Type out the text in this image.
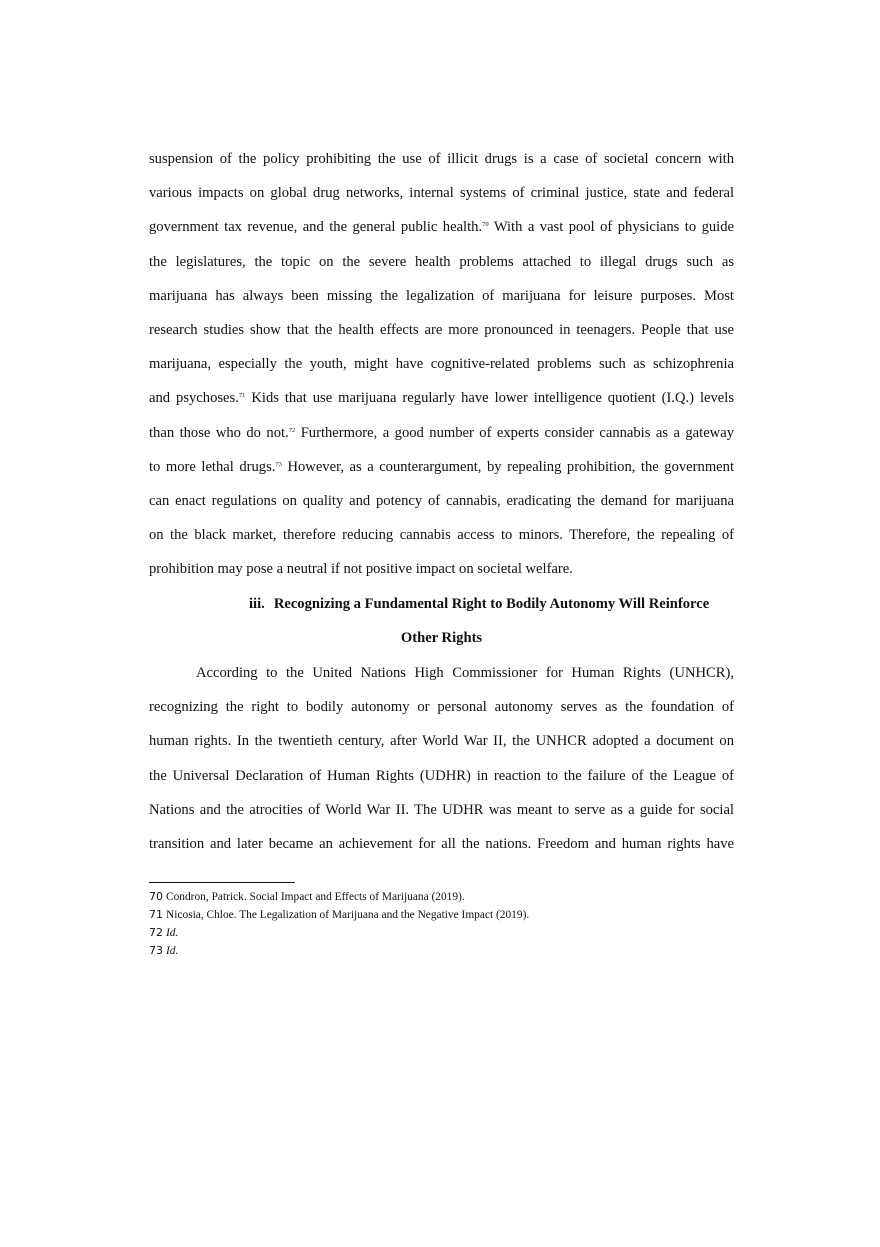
suspension of the policy prohibiting the use of illicit drugs is a case of societal concern with
various impacts on global drug networks, internal systems of criminal justice, state and federal
government tax revenue, and the general public health.$^{70}$ With a vast pool of physicians to guide
the legislatures, the topic on the severe health problems attached to illegal drugs such as
marijuana has always been missing the legalization of marijuana for leisure purposes. Most
research studies show that the health effects are more pronounced in teenagers. People that use
marijuana, especially the youth, might have cognitive-related problems such as schizophrenia
and psychoses.$^{71}$ Kids that use marijuana regularly have lower intelligence quotient (I.Q.) levels
than those who do not.$^{72}$ Furthermore, a good number of experts consider cannabis as a gateway
to more lethal drugs.$^{73}$ However, as a counterargument, by repealing prohibition, the government
can enact regulations on quality and potency of cannabis, eradicating the demand for marijuana
on the black market, therefore reducing cannabis access to minors. Therefore, the repealing of
prohibition may pose a neutral if not positive impact on societal welfare.
iii. Recognizing a Fundamental Right to Bodily Autonomy Will Reinforce
Other Rights
According to the United Nations High Commissioner for Human Rights (UNHCR),
recognizing the right to bodily autonomy or personal autonomy serves as the foundation of
human rights. In the twentieth century, after World War II, the UNHCR adopted a document on
the Universal Declaration of Human Rights (UDHR) in reaction to the failure of the League of
Nations and the atrocities of World War II. The UDHR was meant to serve as a guide for social
transition and later became an achievement for all the nations. Freedom and human rights have
70 Condron, Patrick. Social Impact and Effects of Marijuana (2019).
71 Nicosia, Chloe. The Legalization of Marijuana and the Negative Impact (2019).
72 Id.
73 Id.
